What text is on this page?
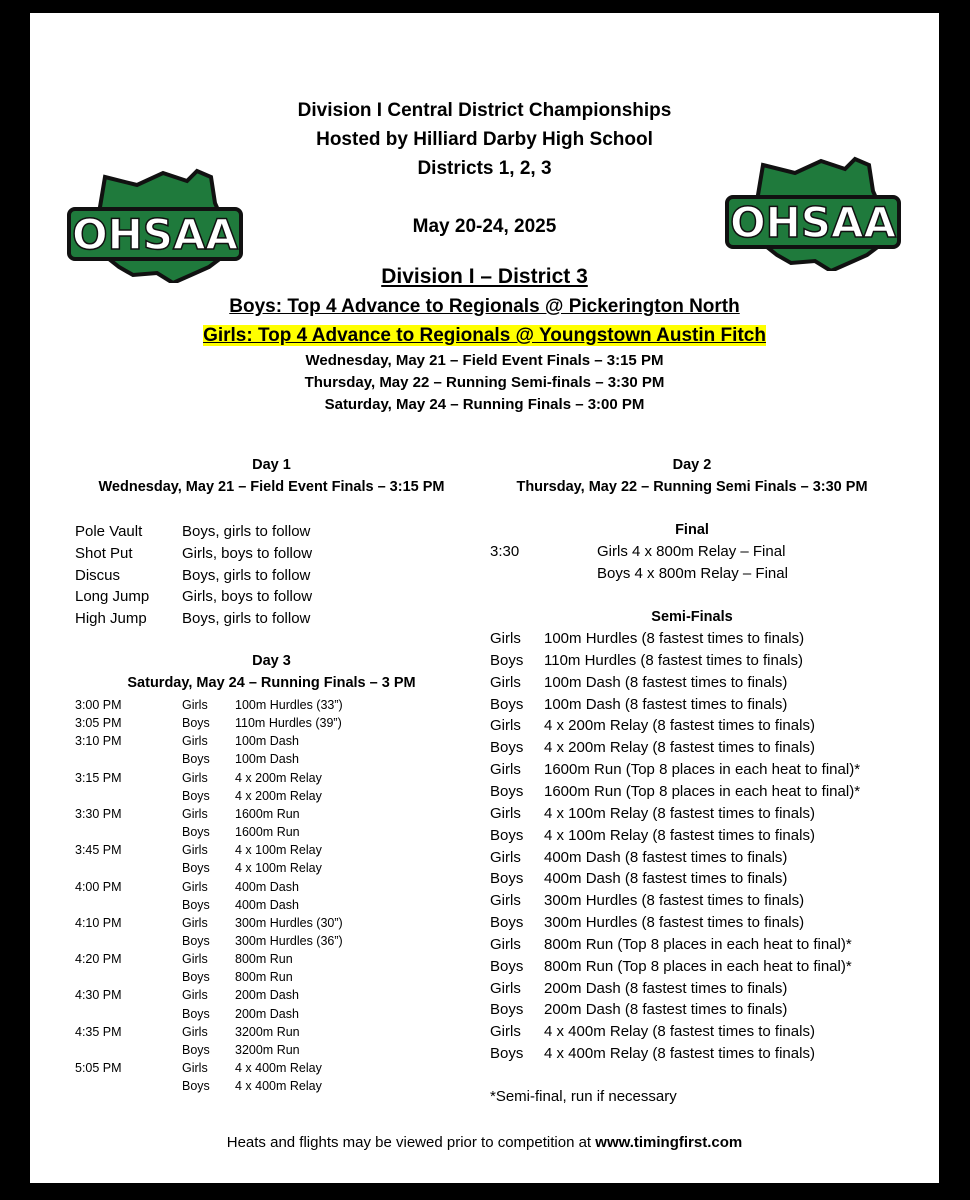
OHSAA	OHSAA
Division I Central District Championships
Hosted by Hilliard Darby High School
Districts 1, 2, 3
May 20-24, 2025
Division I – District 3
Boys: Top 4 Advance to Regionals @ Pickerington North
Girls: Top 4 Advance to Regionals @ Youngstown Austin Fitch
Wednesday, May 21 – Field Event Finals – 3:15 PM
Thursday, May 22 – Running Semi-finals – 3:30 PM
Saturday, May 24 – Running Finals – 3:00 PM
Day 1
Wednesday, May 21 – Field Event Finals – 3:15 PM
Pole Vault	Boys, girls to follow
Shot Put	Girls, boys to follow
Discus	Boys, girls to follow
Long Jump	Girls, boys to follow
High Jump	Boys, girls to follow
Day 3
Saturday, May 24 – Running Finals – 3 PM
3:00 PM	Girls 100m Hurdles (33”)
3:05 PM	Boys 110m Hurdles (39”)
3:10 PM	Girls 100m Dash
Boys 100m Dash
3:15 PM	Girls 4 x 200m Relay
Boys 4 x 200m Relay
3:30 PM	Girls 1600m Run
Boys 1600m Run
3:45 PM	Girls 4 x 100m Relay
Boys 4 x 100m Relay
4:00 PM	Girls 400m Dash
Boys 400m Dash
4:10 PM	Girls 300m Hurdles (30”)
Boys 300m Hurdles (36”)
4:20 PM	Girls 800m Run
Boys 800m Run
4:30 PM	Girls 200m Dash
Boys 200m Dash
4:35 PM	Girls 3200m Run
Boys 3200m Run
5:05 PM	Girls 4 x 400m Relay
Boys 4 x 400m Relay
Day 2
Thursday, May 22 – Running Semi Finals – 3:30 PM
Final
3:30	Girls 4 x 800m Relay – Final
Boys 4 x 800m Relay – Final
Semi-Finals
Girls 100m Hurdles (8 fastest times to finals)
Boys 110m Hurdles (8 fastest times to finals)
Girls 100m Dash (8 fastest times to finals)
Boys 100m Dash (8 fastest times to finals)
Girls 4 x 200m Relay (8 fastest times to finals)
Boys 4 x 200m Relay (8 fastest times to finals)
Girls 1600m Run (Top 8 places in each heat to final)*
Boys 1600m Run (Top 8 places in each heat to final)*
Girls 4 x 100m Relay (8 fastest times to finals)
Boys 4 x 100m Relay (8 fastest times to finals)
Girls 400m Dash (8 fastest times to finals)
Boys 400m Dash (8 fastest times to finals)
Girls 300m Hurdles (8 fastest times to finals)
Boys 300m Hurdles (8 fastest times to finals)
Girls 800m Run (Top 8 places in each heat to final)*
Boys 800m Run (Top 8 places in each heat to final)*
Girls 200m Dash (8 fastest times to finals)
Boys 200m Dash (8 fastest times to finals)
Girls 4 x 400m Relay (8 fastest times to finals)
Boys 4 x 400m Relay (8 fastest times to finals)
*Semi-final, run if necessary
Heats and flights may be viewed prior to competition at www.timingfirst.com
